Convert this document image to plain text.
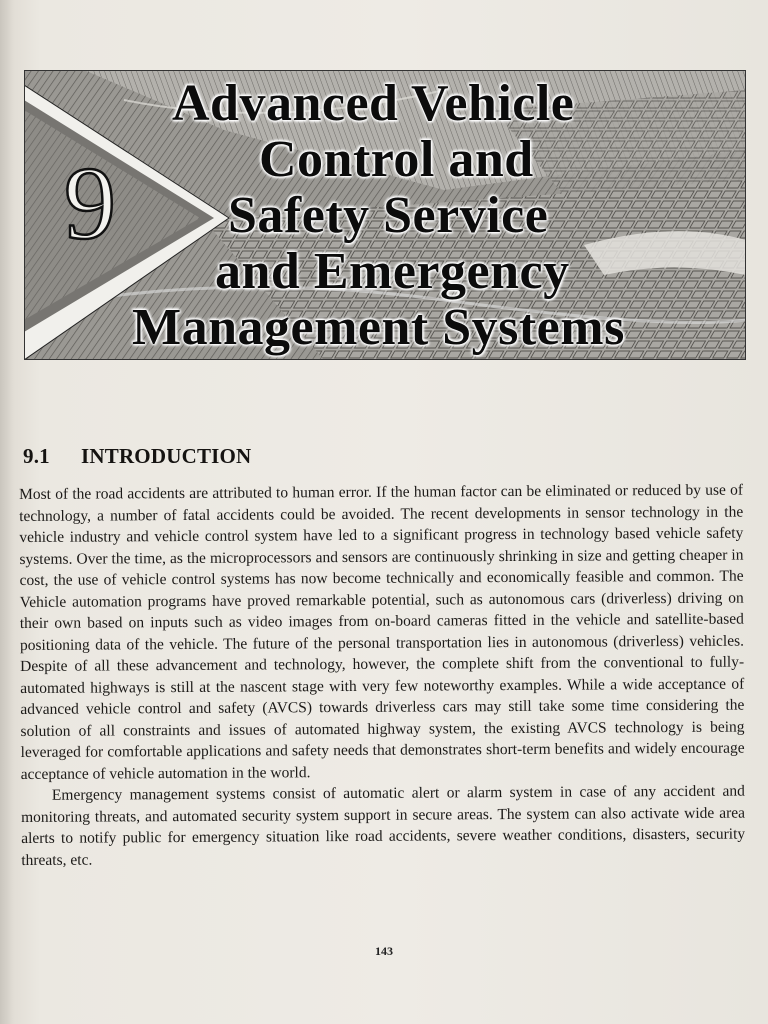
9
Advanced Vehicle
Control and
Safety Service
and Emergency
Management Systems
9.1 INTRODUCTION

Most of the road accidents are attributed to human error. If the human factor can be eliminated or reduced by use of technology, a number of fatal accidents could be avoided. The recent developments in sensor technology in the vehicle industry and vehicle control system have led to a significant progress in technology based vehicle safety systems. Over the time, as the microprocessors and sensors are continuously shrinking in size and getting cheaper in cost, the use of vehicle control systems has now become technically and economically feasible and common. The Vehicle automation programs have proved remarkable potential, such as autonomous cars (driverless) driving on their own based on inputs such as video images from on-board cameras fitted in the vehicle and satellite-based positioning data of the vehicle. The future of the personal transportation lies in autonomous (driverless) vehicles. Despite of all these advancement and technology, however, the complete shift from the conventional to fully-automated highways is still at the nascent stage with very few noteworthy examples. While a wide acceptance of advanced vehicle control and safety (AVCS) towards driverless cars may still take some time considering the solution of all constraints and issues of automated highway system, the existing AVCS technology is being leveraged for comfortable applications and safety needs that demonstrates short-term benefits and widely encourage acceptance of vehicle automation in the world.

Emergency management systems consist of automatic alert or alarm system in case of any accident and monitoring threats, and automated security system support in secure areas. The system can also activate wide area alerts to notify public for emergency situation like road accidents, severe weather conditions, disasters, security threats, etc.

143
